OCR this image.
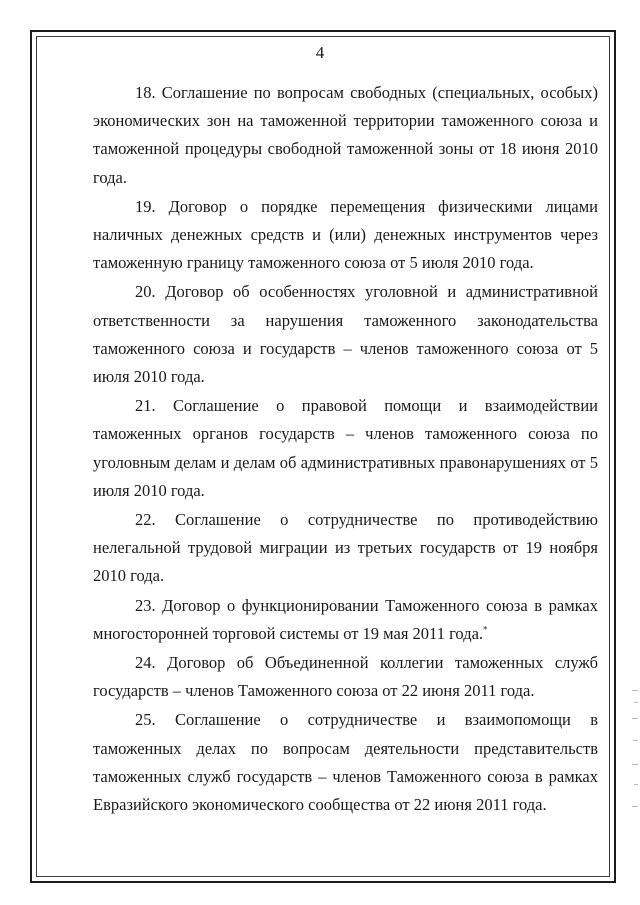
4

18. Соглашение по вопросам свободных (специальных, особых) экономических зон на таможенной территории таможенного союза и таможенной процедуры свободной таможенной зоны от 18 июня 2010 года.

19. Договор о порядке перемещения физическими лицами наличных денежных средств и (или) денежных инструментов через таможенную границу таможенного союза от 5 июля 2010 года.

20. Договор об особенностях уголовной и административной ответственности за нарушения таможенного законодательства таможенного союза и государств – членов таможенного союза от 5 июля 2010 года.

21. Соглашение о правовой помощи и взаимодействии таможенных органов государств – членов таможенного союза по уголовным делам и делам об административных правонарушениях от 5 июля 2010 года.

22. Соглашение о сотрудничестве по противодействию нелегальной трудовой миграции из третьих государств от 19 ноября 2010 года.

23. Договор о функционировании Таможенного союза в рамках многосторонней торговой системы от 19 мая 2011 года.*

24. Договор об Объединенной коллегии таможенных служб государств – членов Таможенного союза от 22 июня 2011 года.

25. Соглашение о сотрудничестве и взаимопомощи в таможенных делах по вопросам деятельности представительств таможенных служб государств – членов Таможенного союза в рамках Евразийского экономического сообщества от 22 июня 2011 года.
